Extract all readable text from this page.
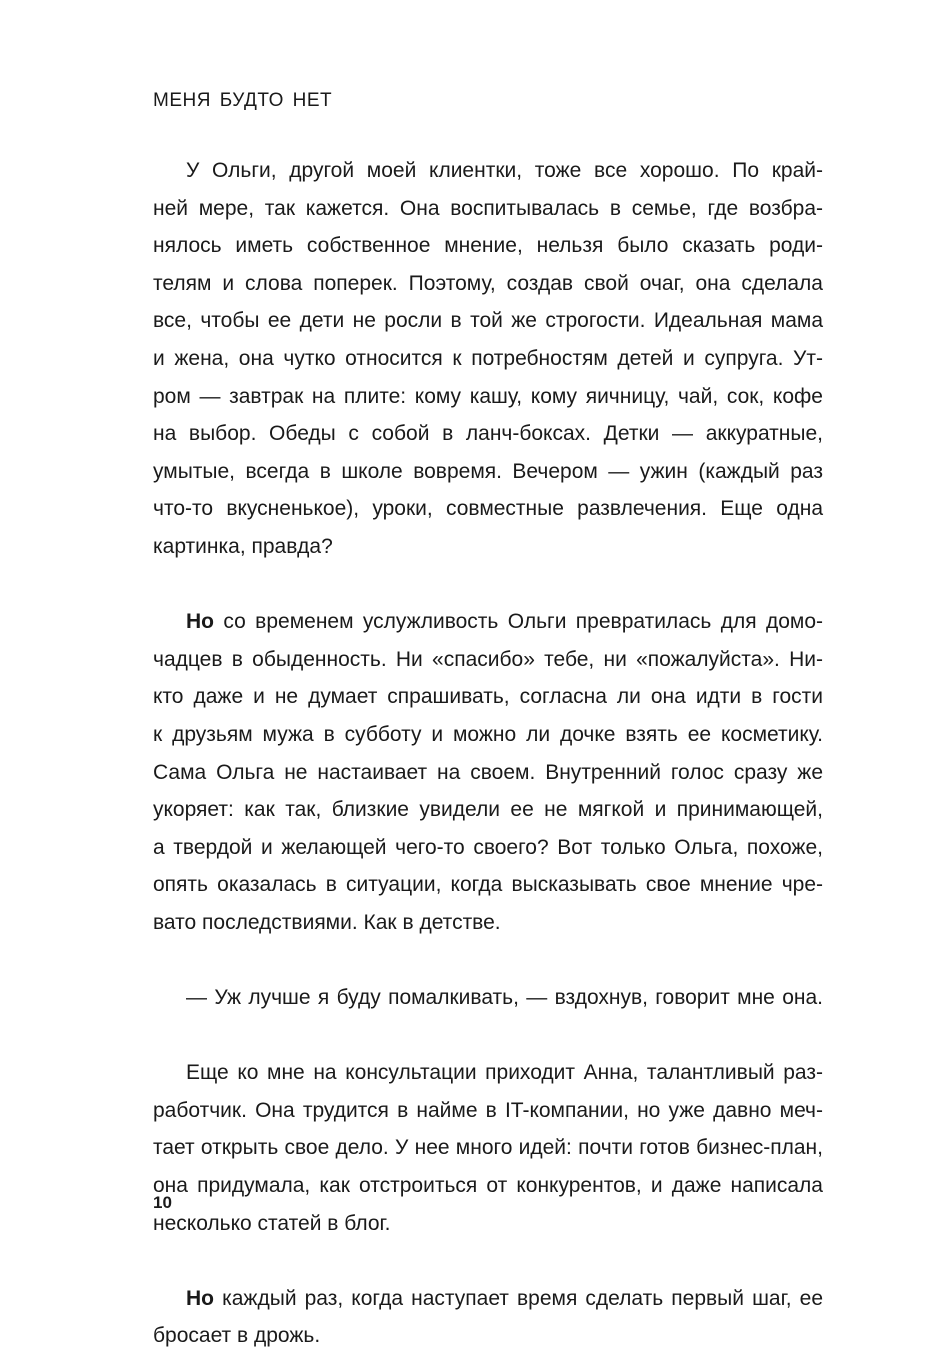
МЕНЯ БУДТО НЕТ
У Ольги, другой моей клиентки, тоже все хорошо. По край-
ней мере, так кажется. Она воспитывалась в семье, где возбра-
нялось иметь собственное мнение, нельзя было сказать роди-
телям и слова поперек. Поэтому, создав свой очаг, она сделала
все, чтобы ее дети не росли в той же строгости. Идеальная мама
и жена, она чутко относится к потребностям детей и супруга. Ут-
ром — завтрак на плите: кому кашу, кому яичницу, чай, сок, кофе
на выбор. Обеды с собой в ланч-боксах. Детки — аккуратные,
умытые, всегда в школе вовремя. Вечером — ужин (каждый раз
что-то вкусненькое), уроки, совместные развлечения. Еще одна
картинка, правда?
Но со временем услужливость Ольги превратилась для домо-
чадцев в обыденность. Ни «спасибо» тебе, ни «пожалуйста». Ни-
кто даже и не думает спрашивать, согласна ли она идти в гости
к друзьям мужа в субботу и можно ли дочке взять ее косметику.
Сама Ольга не настаивает на своем. Внутренний голос сразу же
укоряет: как так, близкие увидели ее не мягкой и принимающей,
а твердой и желающей чего-то своего? Вот только Ольга, похоже,
опять оказалась в ситуации, когда высказывать свое мнение чре-
вато последствиями. Как в детстве.
— Уж лучше я буду помалкивать, — вздохнув, говорит мне она.
Еще ко мне на консультации приходит Анна, талантливый раз-
работчик. Она трудится в найме в IT-компании, но уже давно меч-
тает открыть свое дело. У нее много идей: почти готов бизнес-план,
она придумала, как отстроиться от конкурентов, и даже написала
несколько статей в блог.
Но каждый раз, когда наступает время сделать первый шаг, ее
бросает в дрожь.
10
